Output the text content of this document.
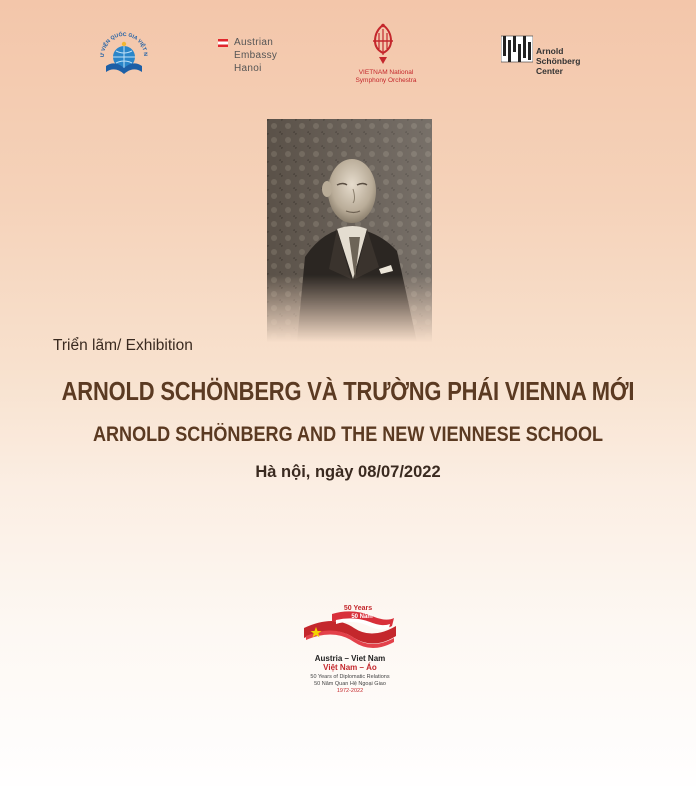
Ư VIỆN QUỐC GIA VIỆT N
Austrian
Embassy
Hanoi	VIETNAM National
Symphony Orchestra
Arnold
Schönberg
Center
Triển lãm/ Exhibition
ARNOLD SCHÖNBERG VÀ TRƯỜNG PHÁI VIENNA MỚI
ARNOLD SCHÖNBERG AND THE NEW VIENNESE SCHOOL
Hà nội, ngày 08/07/2022
50 Years
50 Năm
Austria – Viet Nam
Việt Nam – Áo
50 Years of Diplomatic Relations
50 Năm Quan Hệ Ngoại Giao
1972-2022
